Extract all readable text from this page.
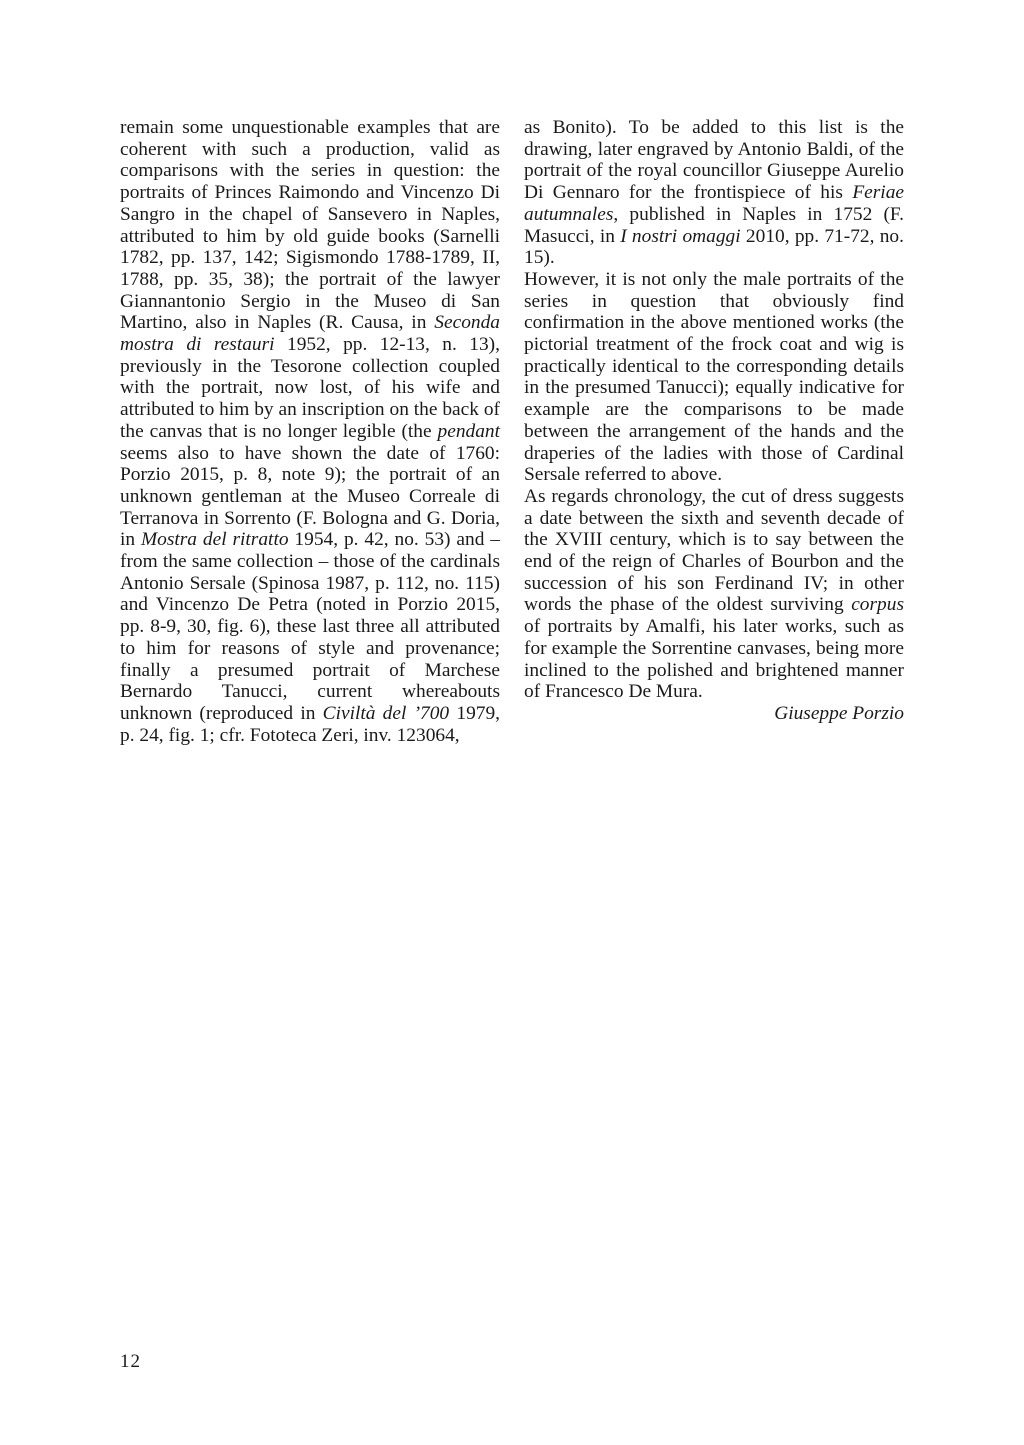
remain some unquestionable examples that are coherent with such a production, valid as comparisons with the series in question: the portraits of Princes Raimondo and Vincenzo Di Sangro in the chapel of Sansevero in Naples, attributed to him by old guide books (Sarnelli 1782, pp. 137, 142; Sigismondo 1788-1789, II, 1788, pp. 35, 38); the portrait of the lawyer Giannantonio Sergio in the Museo di San Martino, also in Naples (R. Causa, in Seconda mostra di restauri 1952, pp. 12-13, n. 13), previously in the Tesorone collection coupled with the portrait, now lost, of his wife and attributed to him by an inscription on the back of the canvas that is no longer legible (the pendant seems also to have shown the date of 1760: Porzio 2015, p. 8, note 9); the portrait of an unknown gentleman at the Museo Correale di Terranova in Sorrento (F. Bologna and G. Doria, in Mostra del ritratto 1954, p. 42, no. 53) and – from the same collection – those of the cardinals Antonio Sersale (Spinosa 1987, p. 112, no. 115) and Vincenzo De Petra (noted in Porzio 2015, pp. 8-9, 30, fig. 6), these last three all attributed to him for reasons of style and provenance; finally a presumed portrait of Marchese Bernardo Tanucci, current whereabouts unknown (reproduced in Civiltà del ’700 1979, p. 24, fig. 1; cfr. Fototeca Zeri, inv. 123064,

as Bonito). To be added to this list is the drawing, later engraved by Antonio Baldi, of the portrait of the royal councillor Giuseppe Aurelio Di Gennaro for the frontispiece of his Feriae autumnales, published in Naples in 1752 (F. Masucci, in I nostri omaggi 2010, pp. 71-72, no. 15).

However, it is not only the male portraits of the series in question that obviously find confirmation in the above mentioned works (the pictorial treatment of the frock coat and wig is practically identical to the corresponding details in the presumed Tanucci); equally indicative for example are the comparisons to be made between the arrangement of the hands and the draperies of the ladies with those of Cardinal Sersale referred to above.

As regards chronology, the cut of dress suggests a date between the sixth and seventh decade of the XVIII century, which is to say between the end of the reign of Charles of Bourbon and the succession of his son Ferdinand IV; in other words the phase of the oldest surviving corpus of portraits by Amalfi, his later works, such as for example the Sorrentine canvases, being more inclined to the polished and brightened manner of Francesco De Mura.

Giuseppe Porzio

12
